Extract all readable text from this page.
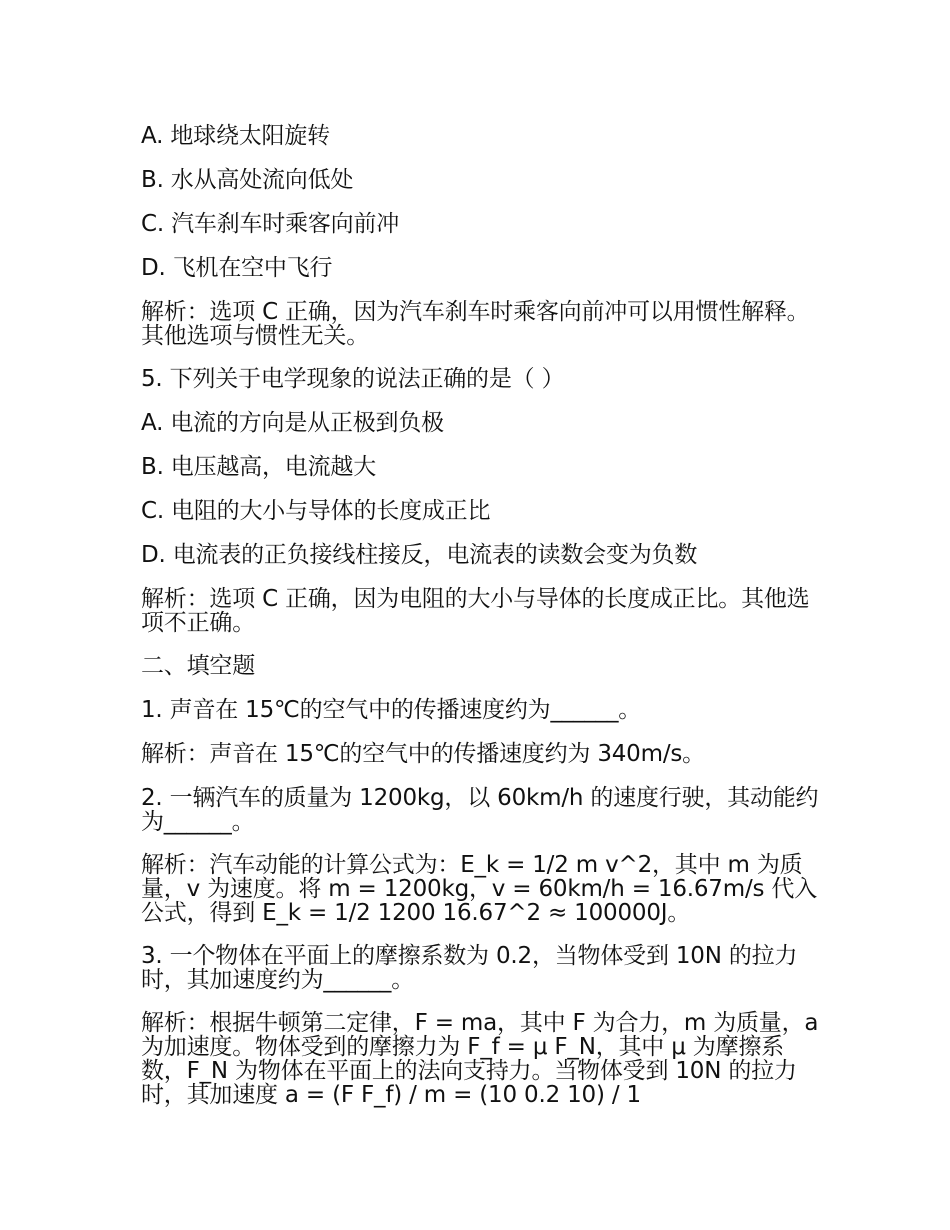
A. 地球绕太阳旋转

B. 水从高处流向低处

C. 汽车刹车时乘客向前冲

D. 飞机在空中飞行

解析：选项 C 正确，因为汽车刹车时乘客向前冲可以用惯性解释。其他选项与惯性无关。

5. 下列关于电学现象的说法正确的是（ ）

A. 电流的方向是从正极到负极

B. 电压越高，电流越大

C. 电阻的大小与导体的长度成正比

D. 电流表的正负接线柱接反，电流表的读数会变为负数

解析：选项 C 正确，因为电阻的大小与导体的长度成正比。其他选项不正确。

二、填空题

1. 声音在 15℃的空气中的传播速度约为______。

解析：声音在 15℃的空气中的传播速度约为 340m/s。

2. 一辆汽车的质量为 1200kg，以 60km/h 的速度行驶，其动能约为______。

解析：汽车动能的计算公式为：E_k = 1/2 m v^2，其中 m 为质量，v 为速度。将 m = 1200kg，v = 60km/h = 16.67m/s 代入公式，得到 E_k = 1/2 1200 16.67^2 ≈ 100000J。

3. 一个物体在平面上的摩擦系数为 0.2，当物体受到 10N 的拉力时，其加速度约为______。

解析：根据牛顿第二定律，F = ma，其中 F 为合力，m 为质量，a 为加速度。物体受到的摩擦力为 F_f = μ F_N，其中 μ 为摩擦系数，F_N 为物体在平面上的法向支持力。当物体受到 10N 的拉力时，其加速度 a = (F F_f) / m = (10 0.2 10) / 1
